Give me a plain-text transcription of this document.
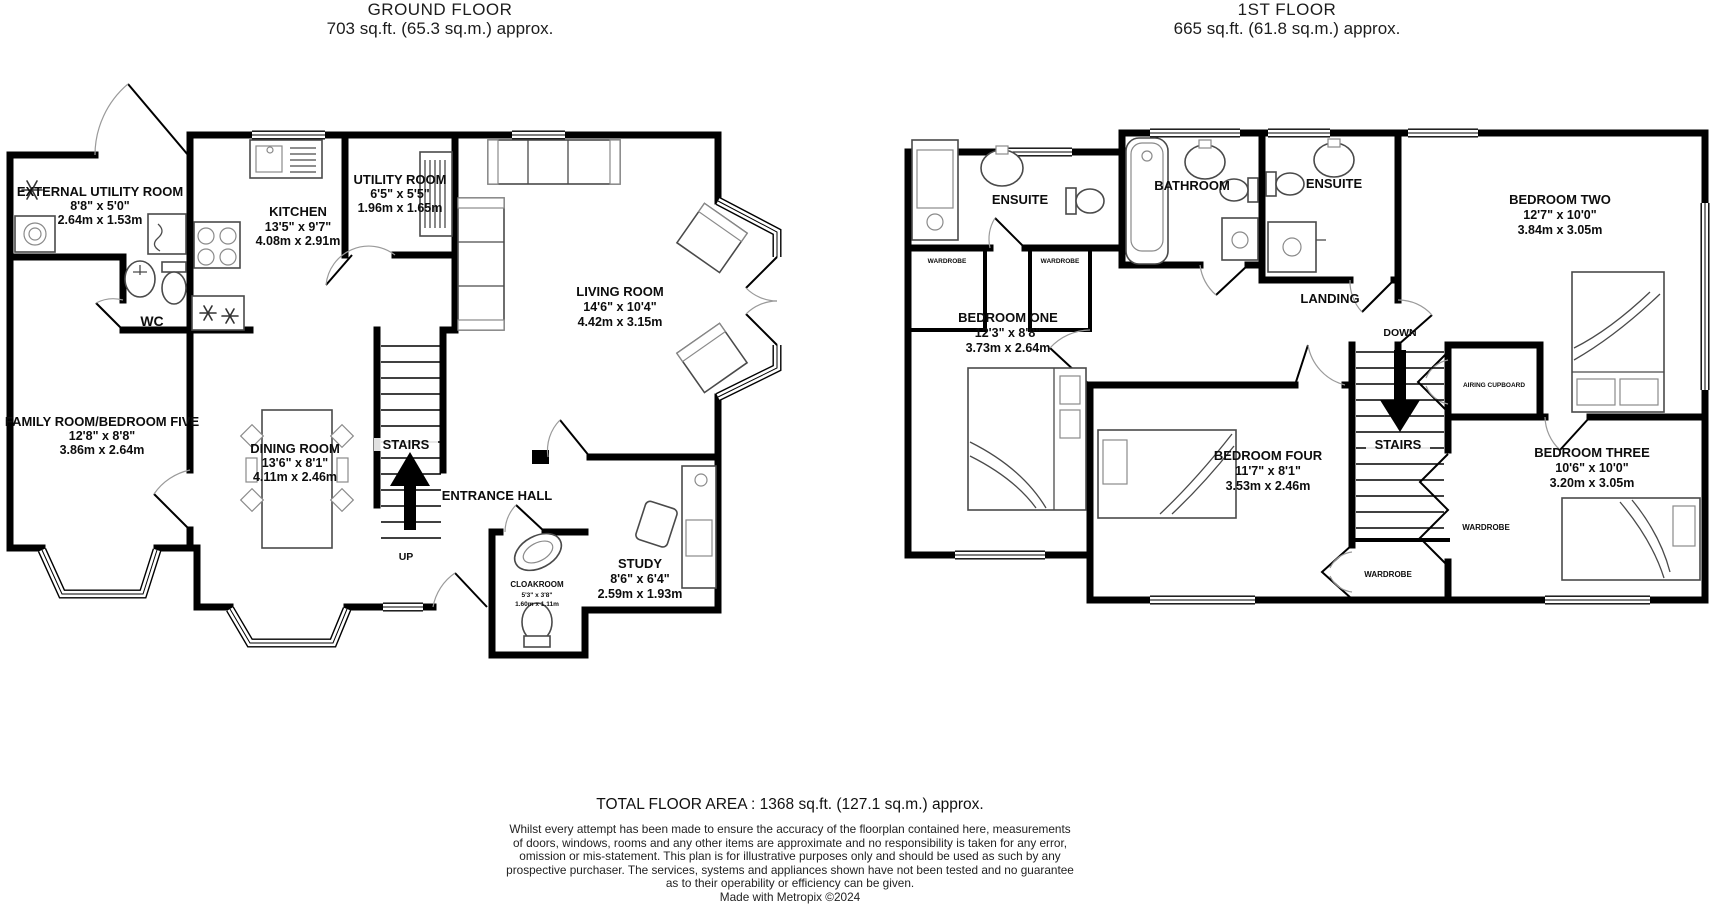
GROUND FLOOR
703 sq.ft. (65.3 sq.m.) approx.
1ST FLOOR
665 sq.ft. (61.8 sq.m.) approx.
EXTERNAL UTILITY ROOM
8'8" x 5'0"
2.64m x 1.53m
KITCHEN
13'5" x 9'7"
4.08m x 2.91m
UTILITY ROOM
6'5" x 5'5"
1.96m x 1.65m
LIVING ROOM
14'6" x 10'4"
4.42m x 3.15m
WC
FAMILY ROOM/BEDROOM FIVE
12'8" x 8'8"
3.86m x 2.64m	DINING ROOM
13'6" x 8'1"
4.11m x 2.46m
STAIRS
UP
ENTRANCE HALL
CLOAKROOM
5'3" x 3'8"
1.60m x 1.11m
STUDY
8'6" x 6'4"
2.59m x 1.93m
ENSUITE
BATHROOM	ENSUITE
BEDROOM TWO
12'7" x 10'0"
3.84m x 3.05m
BEDROOM ONE
12'3" x 8'8"
3.73m x 2.64m
LANDING
DOWN
STAIRS
AIRING CUPBOARD
BEDROOM FOUR
11'7" x 8'1"
3.53m x 2.46m
BEDROOM THREE
10'6" x 10'0"
3.20m x 3.05m
WARDROBE	WARDROBE
WARDROBE
WARDROBE
TOTAL FLOOR AREA : 1368 sq.ft. (127.1 sq.m.) approx.
Whilst every attempt has been made to ensure the accuracy of the floorplan contained here, measurements
of doors, windows, rooms and any other items are approximate and no responsibility is taken for any error,
omission or mis-statement. This plan is for illustrative purposes only and should be used as such by any
prospective purchaser. The services, systems and appliances shown have not been tested and no guarantee
as to their operability or efficiency can be given.
Made with Metropix ©2024
